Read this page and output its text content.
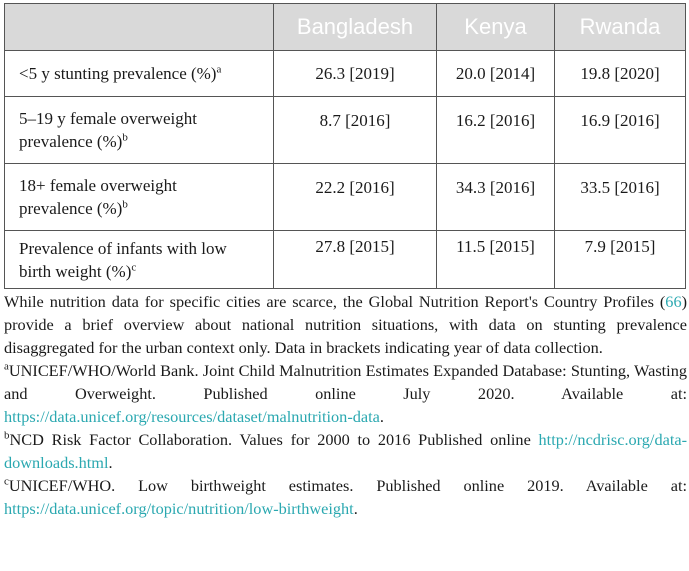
	Bangladesh	Kenya	Rwanda
<5 y stunting prevalence (%)$^a$	26.3 [2019]	20.0 [2014]	19.8 [2020]
5–19 y female overweight
prevalence (%)$^b$	8.7 [2016]	16.2 [2016]	16.9 [2016]
18+ female overweight
prevalence (%)$^b$	22.2 [2016]	34.3 [2016]	33.5 [2016]
Prevalence of infants with low
birth weight (%)$^c$	27.8 [2015]	11.5 [2015]	7.9 [2015]

While nutrition data for specific cities are scarce, the Global Nutrition Report's Country Profiles (66) provide a brief overview about national nutrition situations, with data on stunting prevalence disaggregated for the urban context only. Data in brackets indicating year of data collection.

$^a$UNICEF/WHO/World Bank. Joint Child Malnutrition Estimates Expanded Database: Stunting, Wasting and Overweight. Published online July 2020. Available at: https://data.unicef.org/resources/dataset/malnutrition-data.

$^b$NCD Risk Factor Collaboration. Values for 2000 to 2016 Published online http://ncdrisc.org/data-downloads.html.

$^c$UNICEF/WHO. Low birthweight estimates. Published online 2019. Available at: https://data.unicef.org/topic/nutrition/low-birthweight.
